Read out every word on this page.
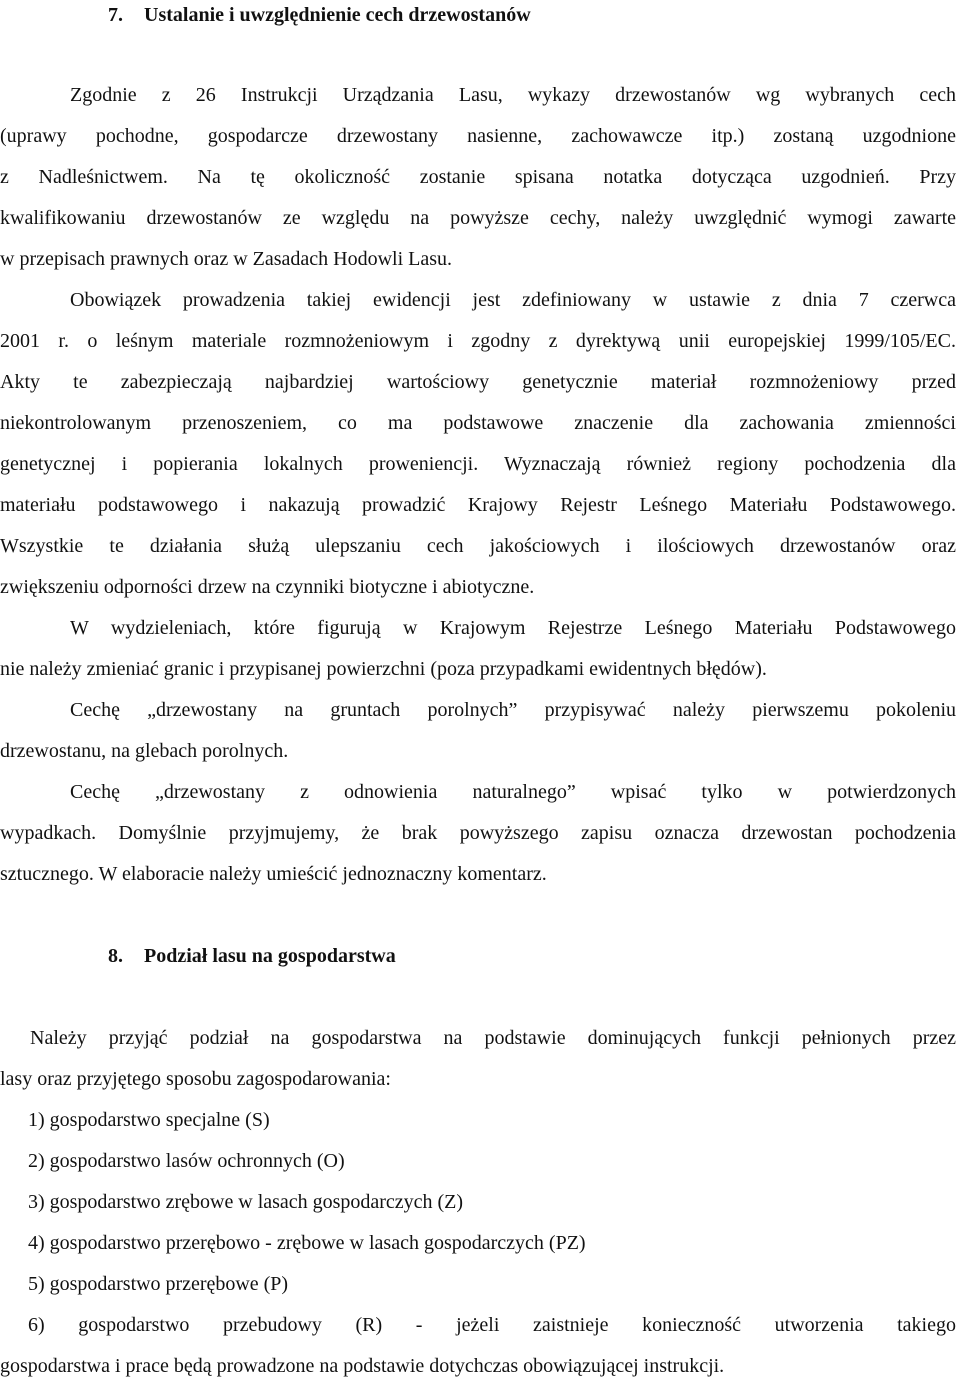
7. Ustalanie i uwzględnienie cech drzewostanów
Zgodnie z 26 Instrukcji Urządzania Lasu, wykazy drzewostanów wg wybranych cech
(uprawy pochodne, gospodarcze drzewostany nasienne, zachowawcze itp.) zostaną uzgodnione
z Nadleśnictwem. Na tę okoliczność zostanie spisana notatka dotycząca uzgodnień. Przy
kwalifikowaniu drzewostanów ze względu na powyższe cechy, należy uwzględnić wymogi zawarte
w przepisach prawnych oraz w Zasadach Hodowli Lasu.
Obowiązek prowadzenia takiej ewidencji jest zdefiniowany w ustawie z dnia 7 czerwca
2001 r. o leśnym materiale rozmnożeniowym i zgodny z dyrektywą unii europejskiej 1999/105/EC.
Akty te zabezpieczają najbardziej wartościowy genetycznie materiał rozmnożeniowy przed
niekontrolowanym przenoszeniem, co ma podstawowe znaczenie dla zachowania zmienności
genetycznej i popierania lokalnych proweniencji. Wyznaczają również regiony pochodzenia dla
materiału podstawowego i nakazują prowadzić Krajowy Rejestr Leśnego Materiału Podstawowego.
Wszystkie te działania służą ulepszaniu cech jakościowych i ilościowych drzewostanów oraz
zwiększeniu odporności drzew na czynniki biotyczne i abiotyczne.
W wydzieleniach, które figurują w Krajowym Rejestrze Leśnego Materiału Podstawowego
nie należy zmieniać granic i przypisanej powierzchni (poza przypadkami ewidentnych błędów).
Cechę „drzewostany na gruntach porolnych” przypisywać należy pierwszemu pokoleniu
drzewostanu, na glebach porolnych.
Cechę „drzewostany z odnowienia naturalnego” wpisać tylko w potwierdzonych
wypadkach. Domyślnie przyjmujemy, że brak powyższego zapisu oznacza drzewostan pochodzenia
sztucznego. W elaboracie należy umieścić jednoznaczny komentarz.
8. Podział lasu na gospodarstwa
Należy przyjąć podział na gospodarstwa na podstawie dominujących funkcji pełnionych przez
lasy oraz przyjętego sposobu zagospodarowania:
1) gospodarstwo specjalne (S)
2) gospodarstwo lasów ochronnych (O)
3) gospodarstwo zrębowe w lasach gospodarczych (Z)
4) gospodarstwo przerębowo - zrębowe w lasach gospodarczych (PZ)
5) gospodarstwo przerębowe (P)
6) gospodarstwo przebudowy (R) - jeżeli zaistnieje konieczność utworzenia takiego
gospodarstwa i prace będą prowadzone na podstawie dotychczas obowiązującej instrukcji.
